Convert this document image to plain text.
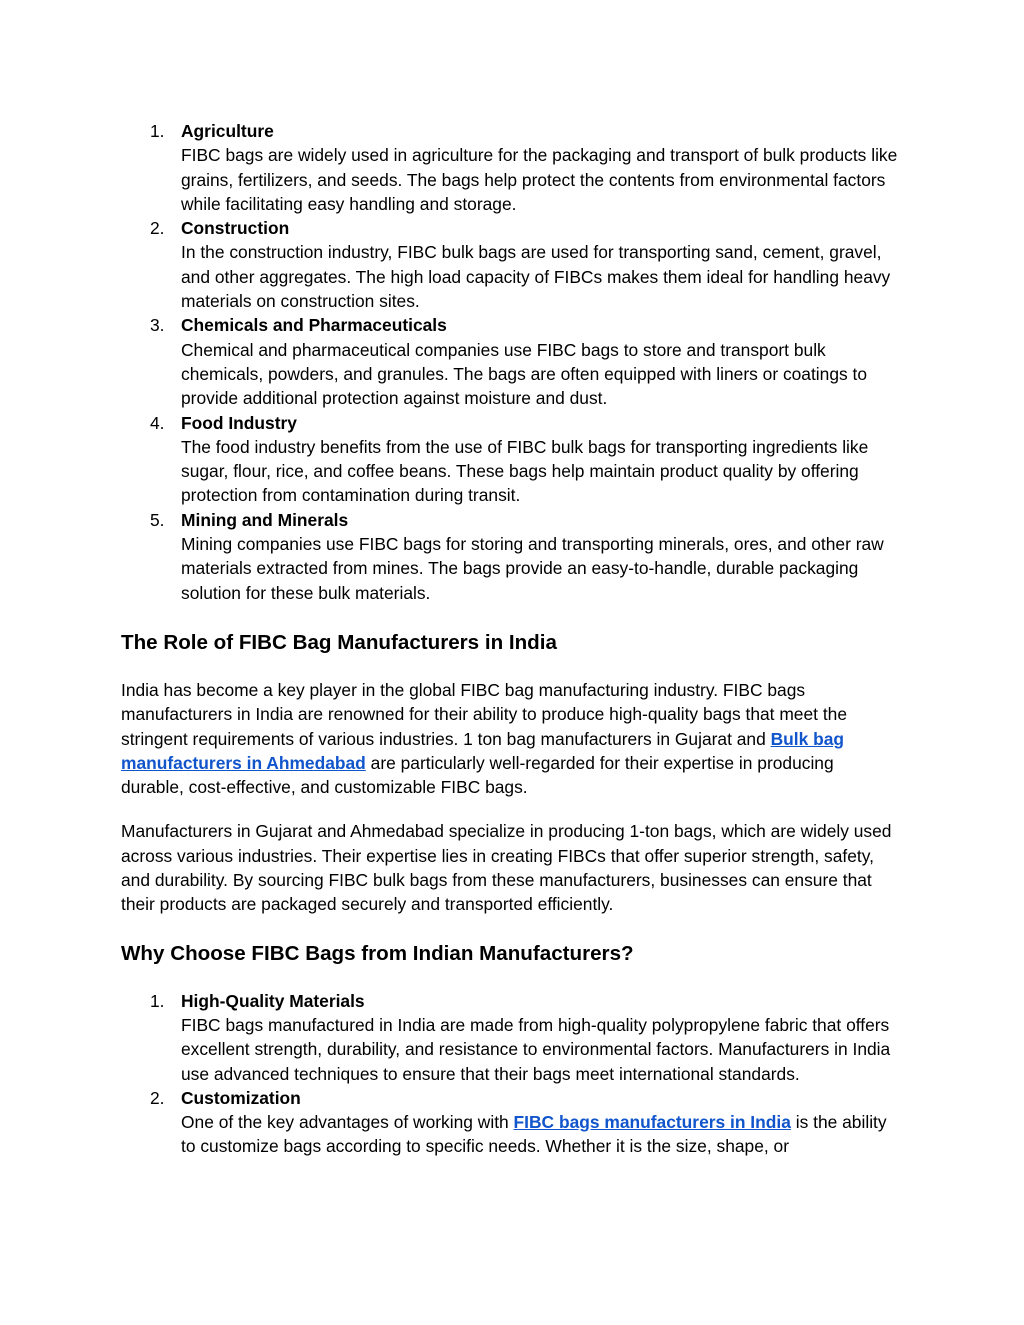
1. Agriculture
FIBC bags are widely used in agriculture for the packaging and transport of bulk products like grains, fertilizers, and seeds. The bags help protect the contents from environmental factors while facilitating easy handling and storage.
2. Construction
In the construction industry, FIBC bulk bags are used for transporting sand, cement, gravel, and other aggregates. The high load capacity of FIBCs makes them ideal for handling heavy materials on construction sites.
3. Chemicals and Pharmaceuticals
Chemical and pharmaceutical companies use FIBC bags to store and transport bulk chemicals, powders, and granules. The bags are often equipped with liners or coatings to provide additional protection against moisture and dust.
4. Food Industry
The food industry benefits from the use of FIBC bulk bags for transporting ingredients like sugar, flour, rice, and coffee beans. These bags help maintain product quality by offering protection from contamination during transit.
5. Mining and Minerals
Mining companies use FIBC bags for storing and transporting minerals, ores, and other raw materials extracted from mines. The bags provide an easy-to-handle, durable packaging solution for these bulk materials.
The Role of FIBC Bag Manufacturers in India

India has become a key player in the global FIBC bag manufacturing industry. FIBC bags manufacturers in India are renowned for their ability to produce high-quality bags that meet the stringent requirements of various industries. 1 ton bag manufacturers in Gujarat and Bulk bag manufacturers in Ahmedabad are particularly well-regarded for their expertise in producing durable, cost-effective, and customizable FIBC bags.

Manufacturers in Gujarat and Ahmedabad specialize in producing 1-ton bags, which are widely used across various industries. Their expertise lies in creating FIBCs that offer superior strength, safety, and durability. By sourcing FIBC bulk bags from these manufacturers, businesses can ensure that their products are packaged securely and transported efficiently.

Why Choose FIBC Bags from Indian Manufacturers?
1. High-Quality Materials
FIBC bags manufactured in India are made from high-quality polypropylene fabric that offers excellent strength, durability, and resistance to environmental factors. Manufacturers in India use advanced techniques to ensure that their bags meet international standards.
2. Customization
One of the key advantages of working with FIBC bags manufacturers in India is the ability to customize bags according to specific needs. Whether it is the size, shape, or
